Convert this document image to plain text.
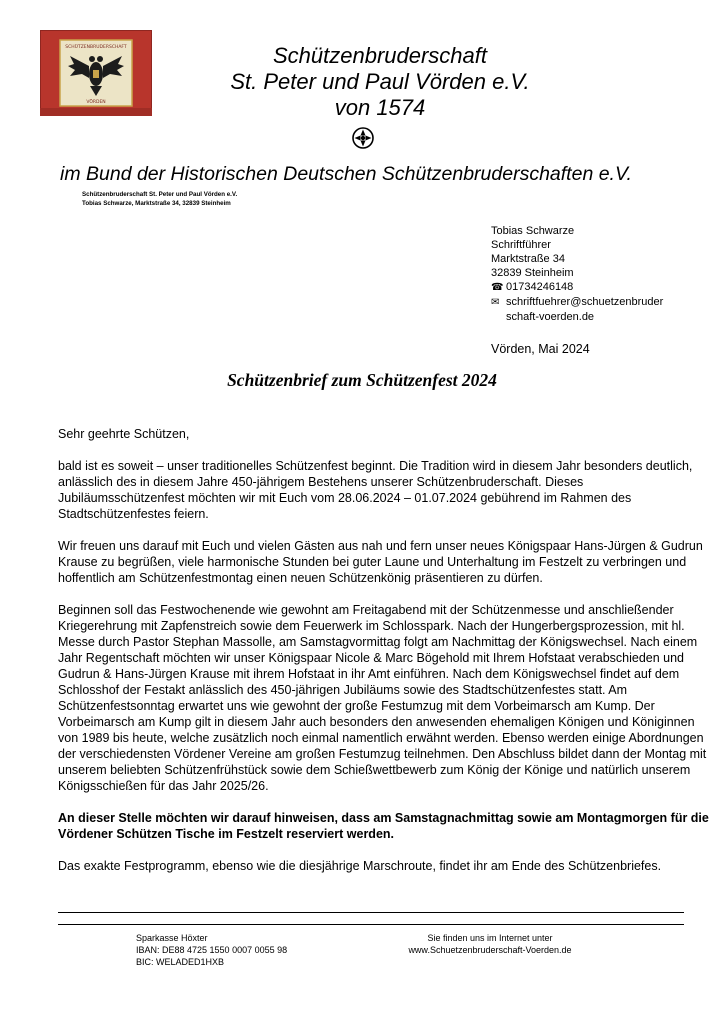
SCHÜTZENBRUDERSCHAFT
VÖRDEN
Schützenbruderschaft
St. Peter und Paul Vörden e.V.
von 1574
im Bund der Historischen Deutschen Schützenbruderschaften e.V.
Schützenbruderschaft St. Peter und Paul Vörden e.V.
Tobias Schwarze, Marktstraße 34, 32839 Steinheim
Tobias Schwarze
Schriftführer
Marktstraße 34
32839 Steinheim
☎ 01734246148
✉ schriftfuehrer@schuetzenbruder
schaft-voerden.de
Vörden, Mai 2024
Schützenbrief zum Schützenfest 2024

Sehr geehrte Schützen,

bald ist es soweit – unser traditionelles Schützenfest beginnt. Die Tradition wird in diesem Jahr besonders deutlich, anlässlich des in diesem Jahre 450-jährigem Bestehens unserer Schützenbruderschaft. Dieses Jubiläumsschützenfest möchten wir mit Euch vom 28.06.2024 – 01.07.2024 gebührend im Rahmen des Stadtschützenfestes feiern.

Wir freuen uns darauf mit Euch und vielen Gästen aus nah und fern unser neues Königspaar Hans-Jürgen & Gudrun Krause zu begrüßen, viele harmonische Stunden bei guter Laune und Unterhaltung im Festzelt zu verbringen und hoffentlich am Schützenfestmontag einen neuen Schützenkönig präsentieren zu dürfen.

Beginnen soll das Festwochenende wie gewohnt am Freitagabend mit der Schützenmesse und anschließender Kriegerehrung mit Zapfenstreich sowie dem Feuerwerk im Schlosspark. Nach der Hungerbergsprozession, mit hl. Messe durch Pastor Stephan Massolle, am Samstagvormittag folgt am Nachmittag der Königswechsel. Nach einem Jahr Regentschaft möchten wir unser Königspaar Nicole & Marc Bögehold mit Ihrem Hofstaat verabschieden und Gudrun & Hans-Jürgen Krause mit ihrem Hofstaat in ihr Amt einführen. Nach dem Königswechsel findet auf dem Schlosshof der Festakt anlässlich des 450-jährigen Jubiläums sowie des Stadtschützenfestes statt. Am Schützenfestsonntag erwartet uns wie gewohnt der große Festumzug mit dem Vorbeimarsch am Kump. Der Vorbeimarsch am Kump gilt in diesem Jahr auch besonders den anwesenden ehemaligen Königen und Königinnen von 1989 bis heute, welche zusätzlich noch einmal namentlich erwähnt werden. Ebenso werden einige Abordnungen der verschiedensten Vördener Vereine am großen Festumzug teilnehmen. Den Abschluss bildet dann der Montag mit unserem beliebten Schützenfrühstück sowie dem Schießwettbewerb zum König der Könige und natürlich unserem Königsschießen für das Jahr 2025/26.

An dieser Stelle möchten wir darauf hinweisen, dass am Samstagnachmittag sowie am Montagmorgen für die Vördener Schützen Tische im Festzelt reserviert werden.

Das exakte Festprogramm, ebenso wie die diesjährige Marschroute, findet ihr am Ende des Schützenbriefes.

Sparkasse Höxter
IBAN: DE88 4725 1550 0007 0055 98
BIC: WELADED1HXB
Sie finden uns im Internet unter
www.Schuetzenbruderschaft-Voerden.de
